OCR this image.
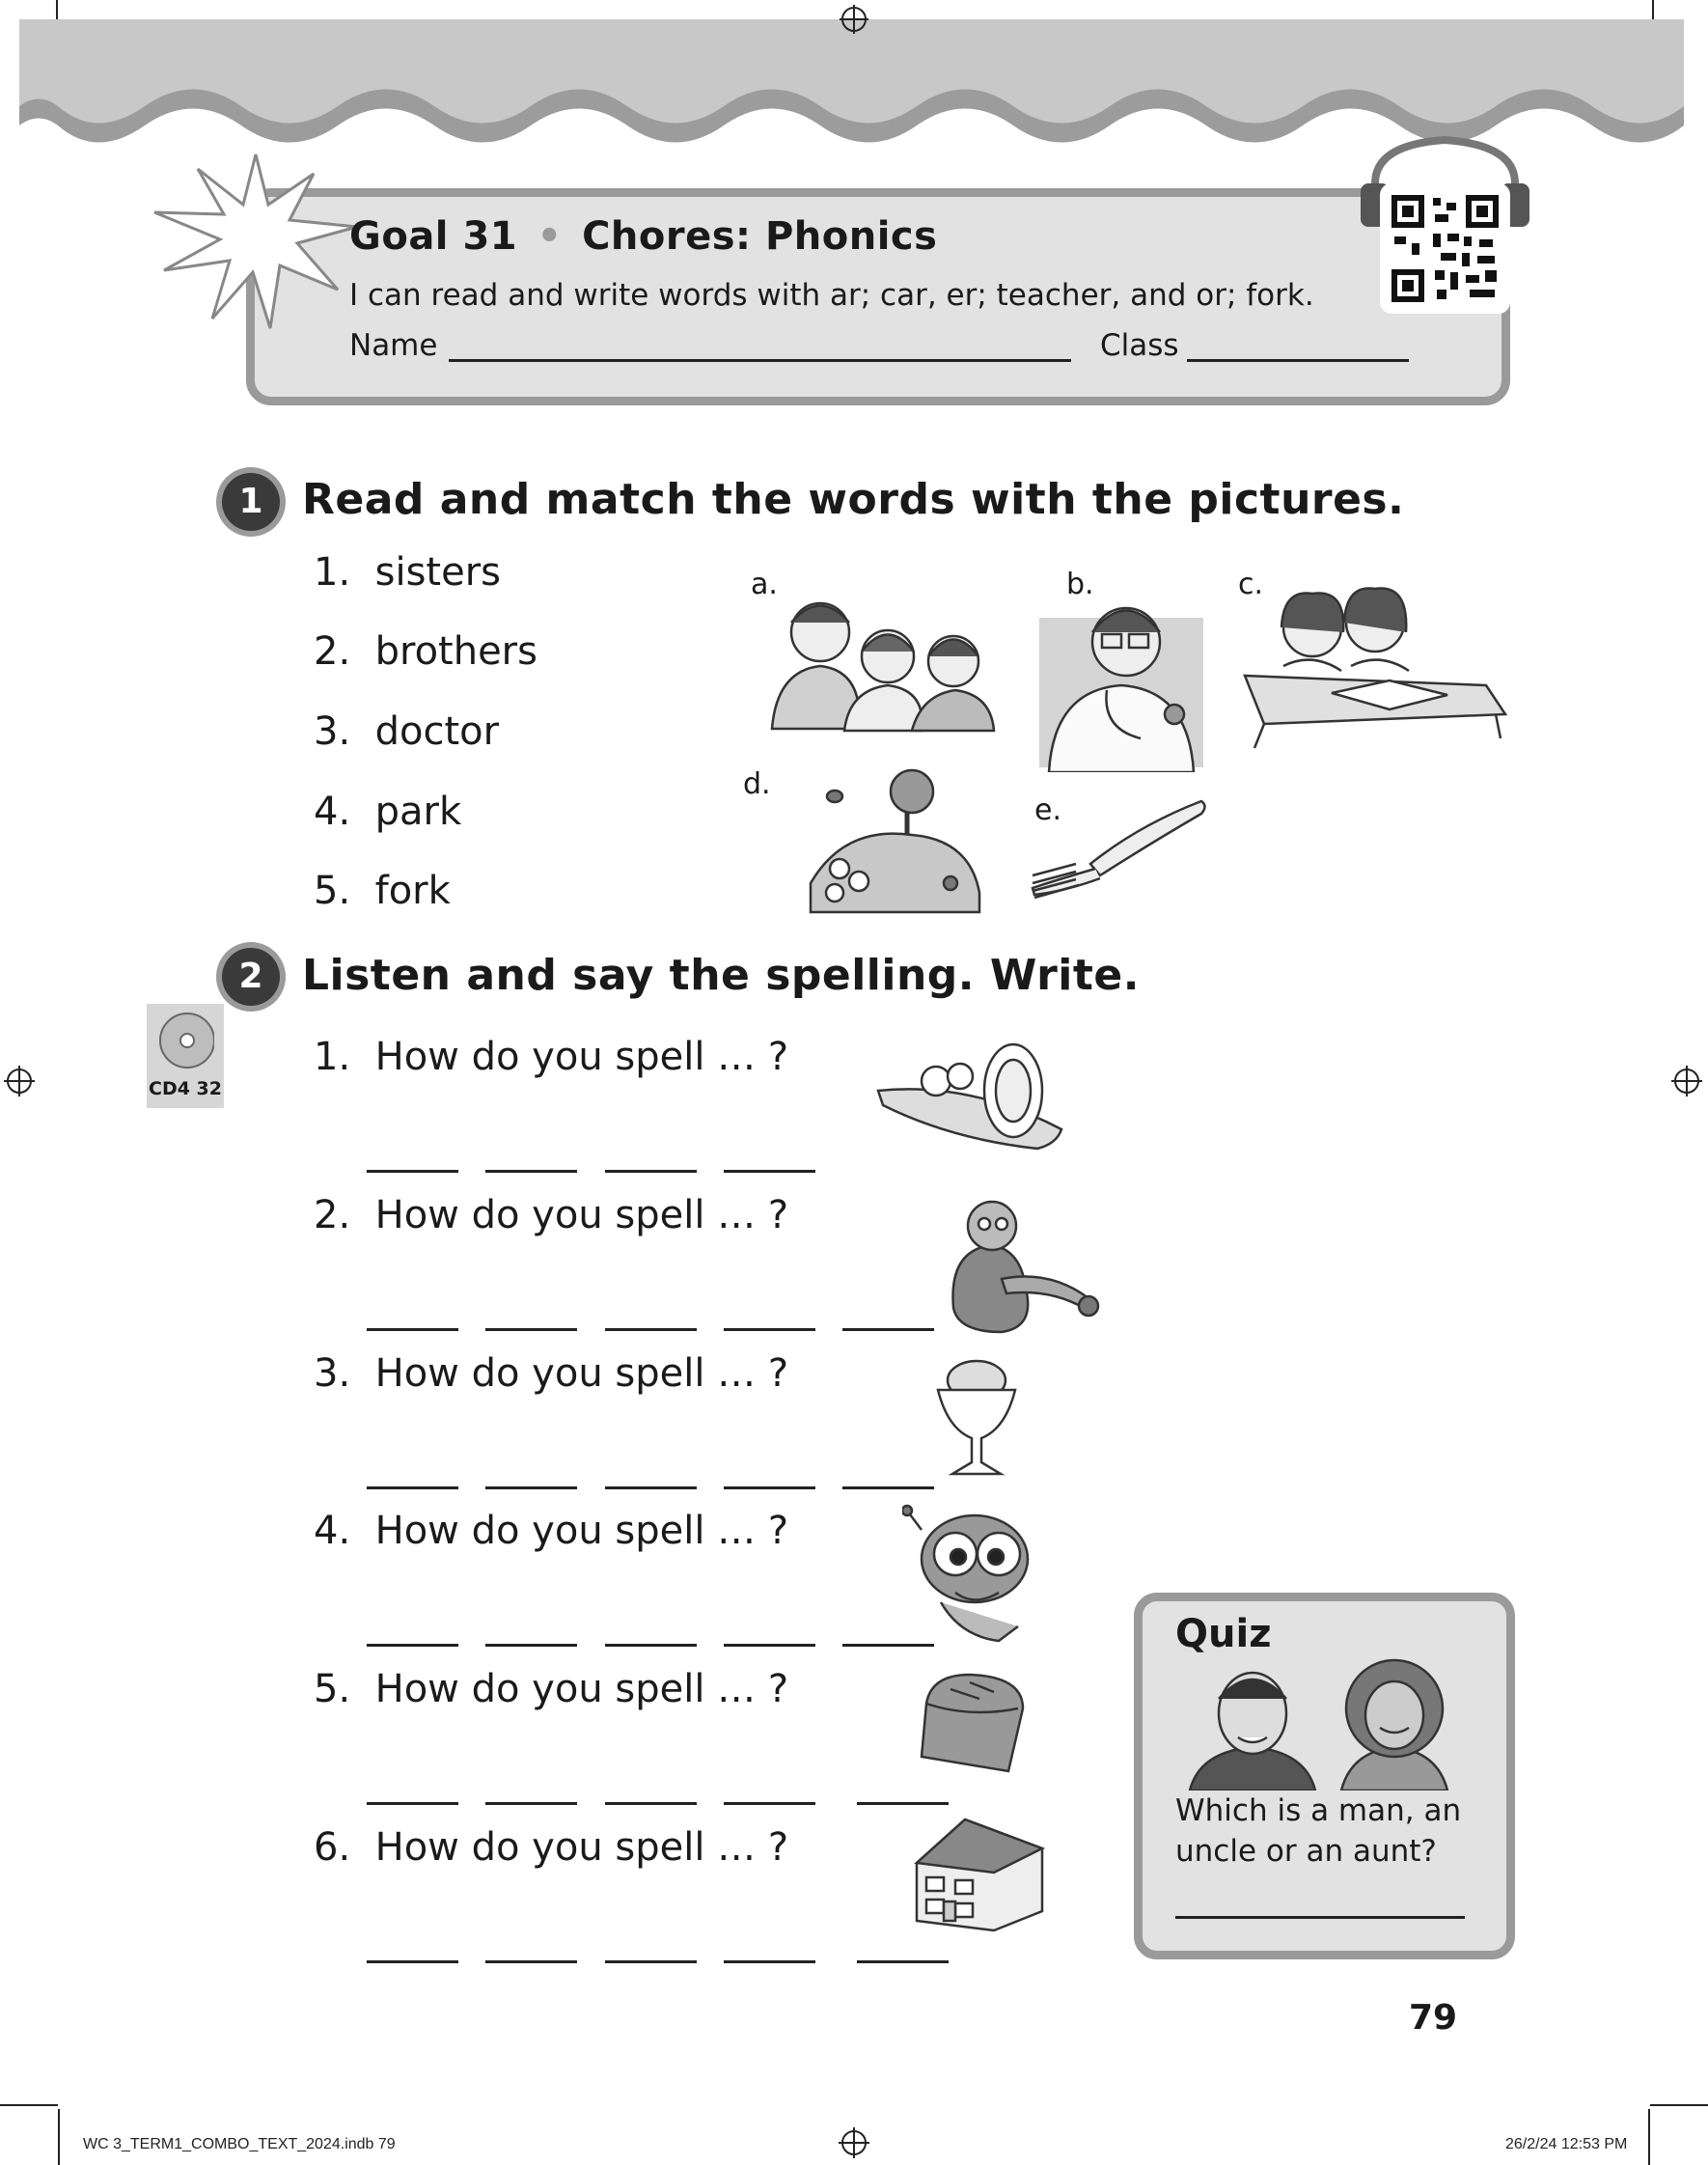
Goal 31 • Chores: Phonics
I can read and write words with ar; car, er; teacher, and or; fork.
Name	Class
1 Read and match the words with the pictures.
1. sisters
2. brothers
3. doctor
4. park
5. fork
a.	b.	c.
d.
e.
2 Listen and say the spelling. Write.
CD4 32
1. How do you spell … ?
2. How do you spell … ?
3. How do you spell … ?
4. How do you spell … ?
5. How do you spell … ?
6. How do you spell … ?
Quiz
Which is a man, an uncle or an aunt?
79
WC 3_TERM1_COMBO_TEXT_2024.indb 79	26/2/24 12:53 PM
